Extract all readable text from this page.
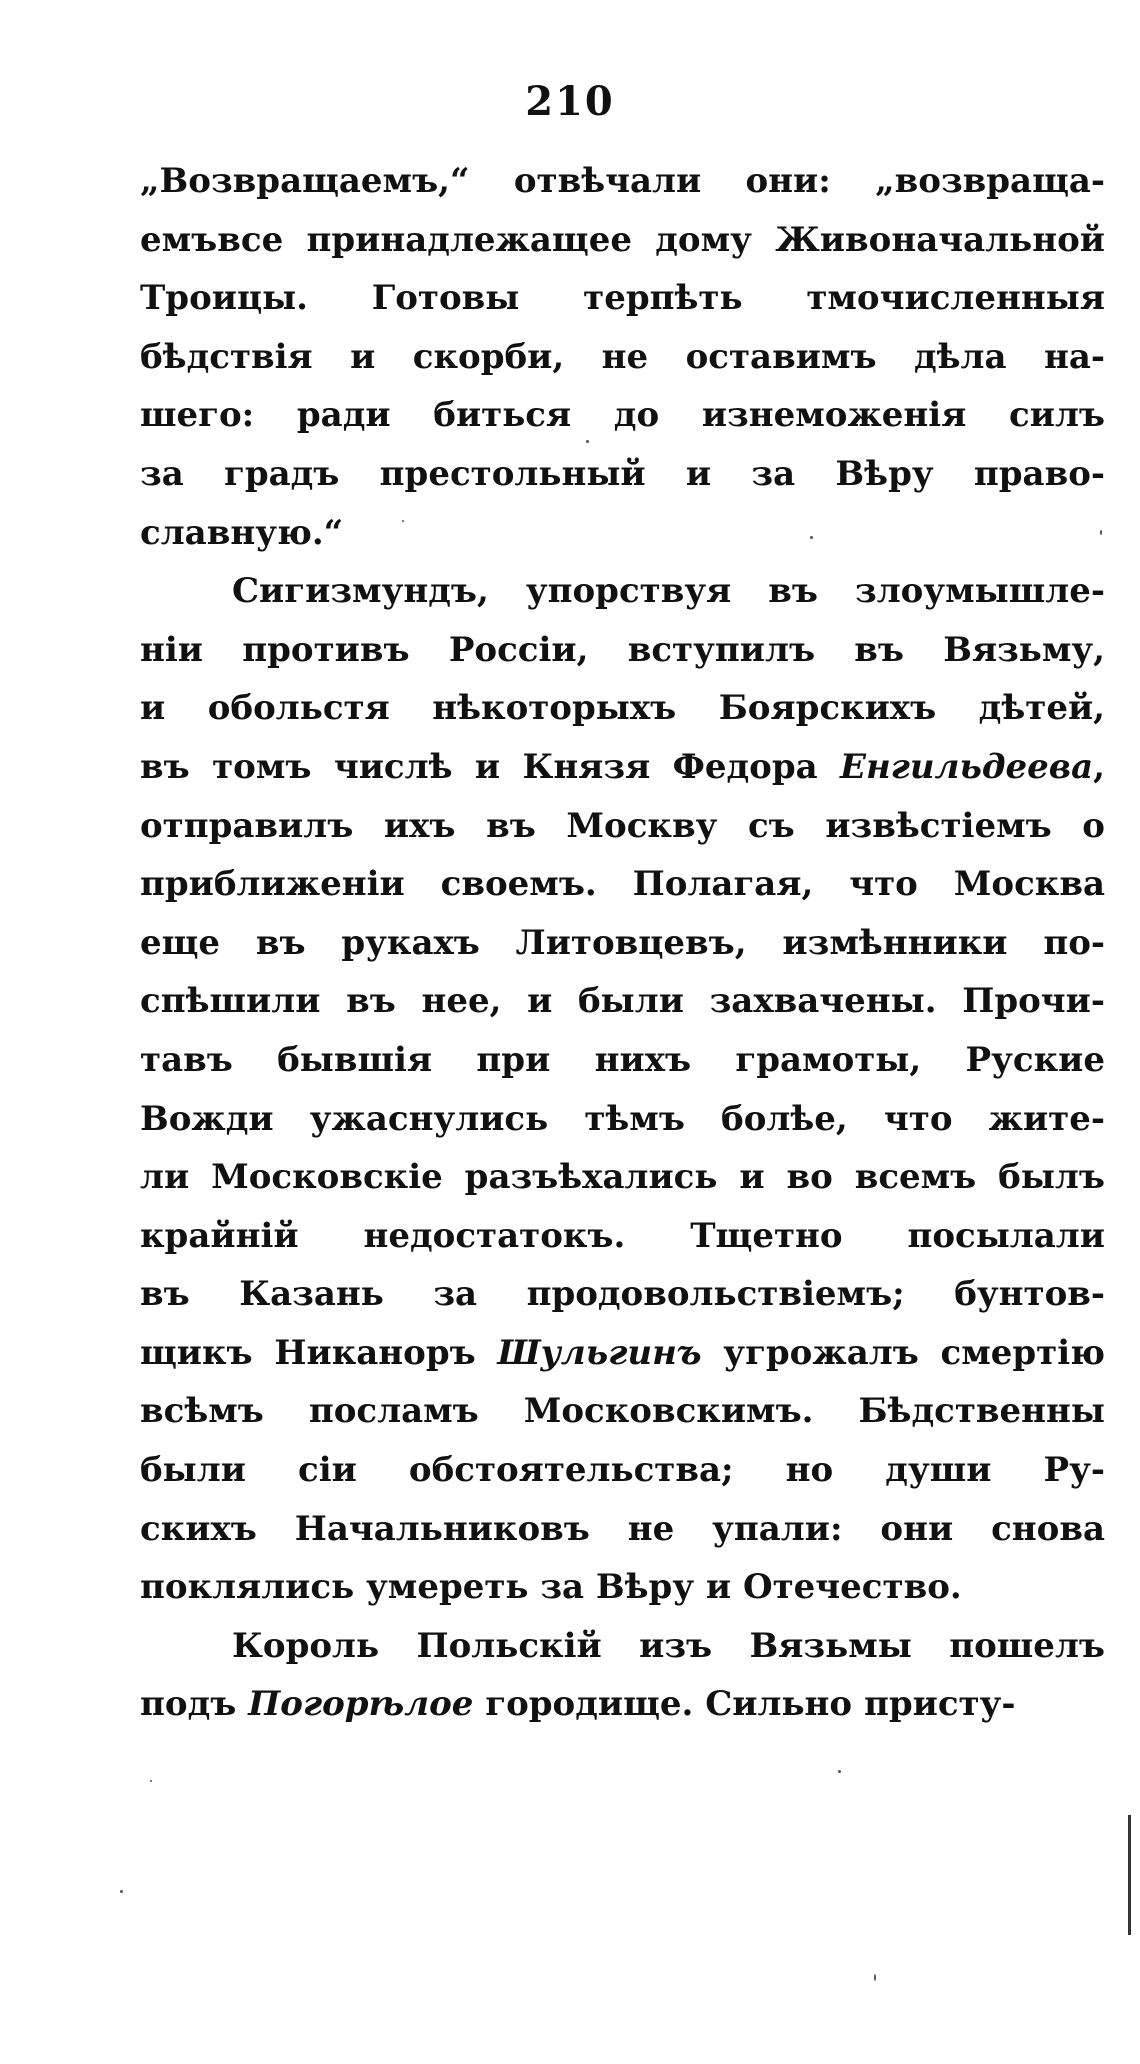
210
„Возвращаемъ,“ отвѣчали они: „возвраща-
емъвсе принадлежащее дому Живоначальной
Троицы. Готовы терпѣть тмочисленныя
бѣдствія и скорби, не оставимъ дѣла на-
шего: ради биться до изнеможенія силъ
за градъ престольный и за Вѣру право-
славную.“
Сигизмундъ, упорствуя въ злоумышле-
ніи противъ Россіи, вступилъ въ Вязьму,
и обольстя нѣкоторыхъ Боярскихъ дѣтей,
въ томъ числѣ и Князя Федора Енгильдеева,
отправилъ ихъ въ Москву съ извѣстіемъ о
приближеніи своемъ. Полагая, что Москва
еще въ рукахъ Литовцевъ, измѣнники по-
спѣшили въ нее, и были захвачены. Прочи-
тавъ бывшія при нихъ грамоты, Руские
Вожди ужаснулись тѣмъ болѣе, что жите-
ли Московскіе разъѣхались и во всемъ былъ
крайній недостатокъ. Тщетно посылали
въ Казань за продовольствіемъ; бунтов-
щикъ Никаноръ Шульгинъ угрожалъ смертію
всѣмъ посламъ Московскимъ. Бѣдственны
были сіи обстоятельства; но души Ру-
скихъ Начальниковъ не упали: они снова
поклялись умереть за Вѣру и Отечество.
Король Польскій изъ Вязьмы пошелъ
подъ Погорѣлое городище. Сильно присту-
